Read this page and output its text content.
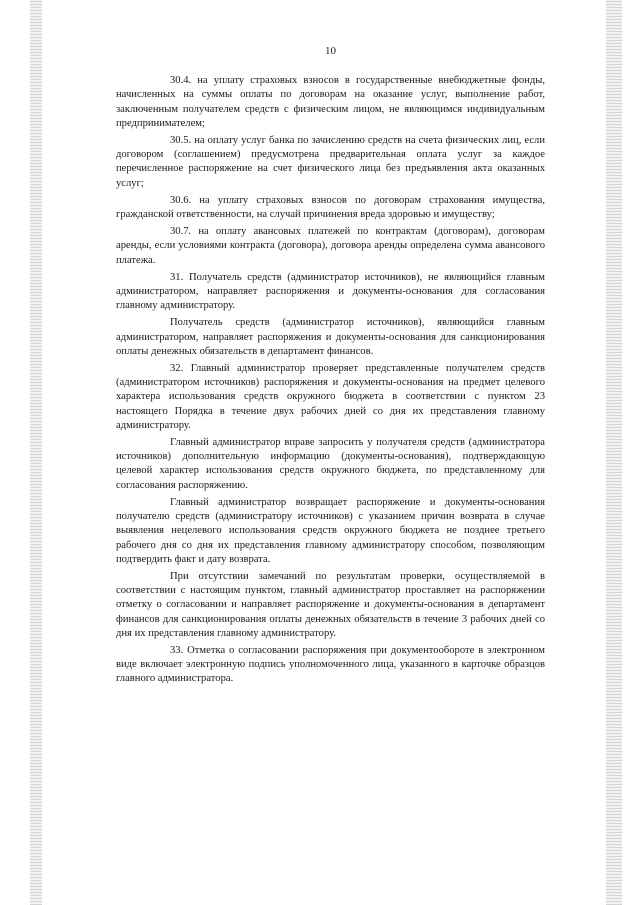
10

30.4. на уплату страховых взносов в государственные внебюджетные фонды, начисленных на суммы оплаты по договорам на оказание услуг, выполнение работ, заключенным получателем средств с физическим лицом, не являющимся индивидуальным предпринимателем;

30.5. на оплату услуг банка по зачислению средств на счета физических лиц, если договором (соглашением) предусмотрена предварительная оплата услуг за каждое перечисленное распоряжение на счет физического лица без предъявления акта оказанных услуг;

30.6. на уплату страховых взносов по договорам страхования имущества, гражданской ответственности, на случай причинения вреда здоровью и имуществу;

30.7. на оплату авансовых платежей по контрактам (договорам), договорам аренды, если условиями контракта (договора), договора аренды определена сумма авансового платежа.

31. Получатель средств (администратор источников), не являющийся главным администратором, направляет распоряжения и документы-основания для согласования главному администратору.

Получатель средств (администратор источников), являющийся главным администратором, направляет распоряжения и документы-основания для санкционирования оплаты денежных обязательств в департамент финансов.

32. Главный администратор проверяет представленные получателем средств (администратором источников) распоряжения и документы-основания на предмет целевого характера использования средств окружного бюджета в соответствии с пунктом 23 настоящего Порядка в течение двух рабочих дней со дня их представления главному администратору.

Главный администратор вправе запросить у получателя средств (администратора источников) дополнительную информацию (документы-основания), подтверждающую целевой характер использования средств окружного бюджета, по представленному для согласования распоряжению.

Главный администратор возвращает распоряжение и документы-основания получателю средств (администратору источников) с указанием причин возврата в случае выявления нецелевого использования средств окружного бюджета не позднее третьего рабочего дня со дня их представления главному администратору способом, позволяющим подтвердить факт и дату возврата.

При отсутствии замечаний по результатам проверки, осуществляемой в соответствии с настоящим пунктом, главный администратор проставляет на распоряжении отметку о согласовании и направляет распоряжение и документы-основания в департамент финансов для санкционирования оплаты денежных обязательств в течение 3 рабочих дней со дня их представления главному администратору.

33. Отметка о согласовании распоряжения при документообороте в электронном виде включает электронную подпись уполномоченного лица, указанного в карточке образцов главного администратора.
